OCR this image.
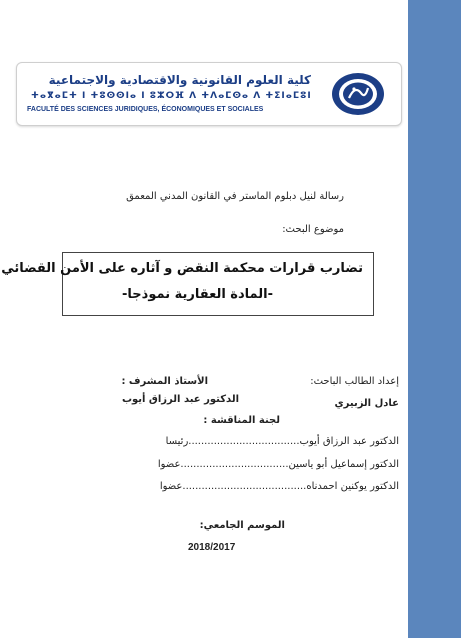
كلية العلوم القانونية والاقتصادية والاجتماعية
ⵜⴰⴳⴰⵎⵜ ⵏ ⵜⵓⵙⵙⵏⴰ ⵏ ⵓⵣⵔⴼ ⴷ ⵜⴷⴰⵎⵙⴰ ⴷ ⵜⵉⵏⴰⵎⵓⵏ
FACULTÉ DES SCIENCES JURIDIQUES, ÉCONOMIQUES ET SOCIALES
رسالة لنيل دبلوم الماستر في القانون المدني المعمق
موضوع البحث:
تضارب قرارات محكمة النقض و آثاره على الأمن القضائي
-المادة العقارية نموذجا-
إعداد الطالب الباحث:
الأستاذ المشرف :
عادل الزبيري
الدكتور عبد الرزاق أيوب
لجنة المناقشة :
الدكتور عبد الرزاق أيوب...................................رئيسا
الدكتور إسماعيل أبو ياسين..................................عضوا
الدكتور يوكنين احمدناه.......................................عضوا
الموسم الجامعي:
2018/2017
